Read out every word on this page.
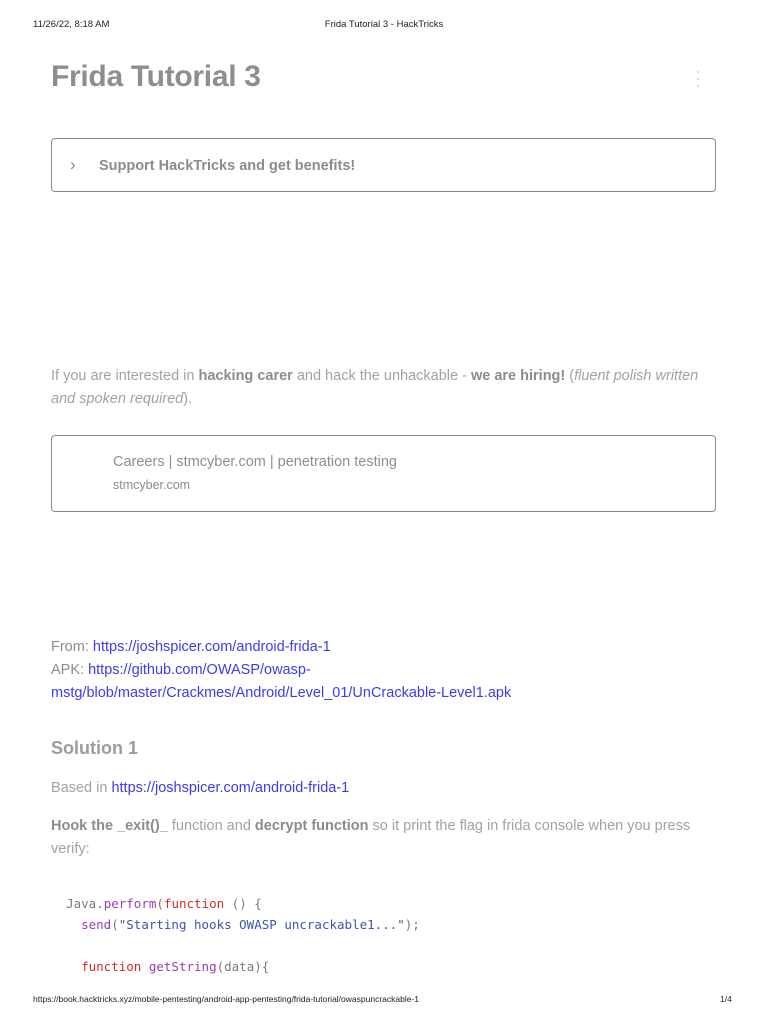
11/26/22, 8:18 AM	Frida Tutorial 3 - HackTricks
Frida Tutorial 3
› Support HackTricks and get benefits!

If you are interested in hacking carer and hack the unhackable - we are hiring! (fluent polish written and spoken required).

Careers | stmcyber.com | penetration testing
stmcyber.com

From: https://joshspicer.com/android-frida-1
APK: https://github.com/OWASP/owasp-
mstg/blob/master/Crackmes/Android/Level_01/UnCrackable-Level1.apk

Solution 1

Based in https://joshspicer.com/android-frida-1

Hook the _exit()_ function and decrypt function so it print the flag in frida console when you press verify:

Java.perform(function () {
send("Starting hooks OWASP uncrackable1...");

function getString(data){
https://book.hacktricks.xyz/mobile-pentesting/android-app-pentesting/frida-tutorial/owaspuncrackable-1	1/4
